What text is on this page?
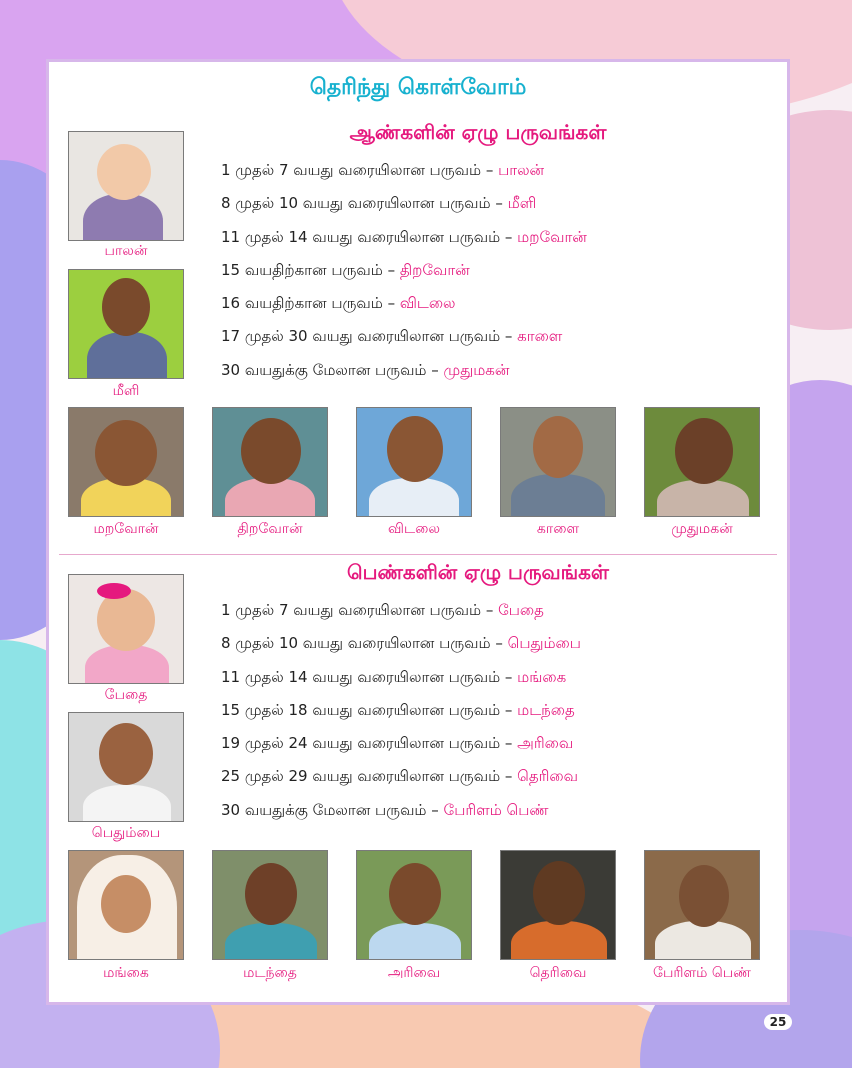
தெரிந்து கொள்வோம்
ஆண்களின் ஏழு பருவங்கள்
1 முதல் 7 வயது வரையிலான பருவம் – பாலன்
8 முதல் 10 வயது வரையிலான பருவம் – மீளி
11 முதல் 14 வயது வரையிலான பருவம் – மறவோன்
15 வயதிற்கான பருவம் – திறவோன்
16 வயதிற்கான பருவம் – விடலை
17 முதல் 30 வயது வரையிலான பருவம் – காளை
30 வயதுக்கு மேலான பருவம் – முதுமகன்
பாலன்
மீளி
மறவோன்	திறவோன்	விடலை	காளை	முதுமகன்
பெண்களின் ஏழு பருவங்கள்
1 முதல் 7 வயது வரையிலான பருவம் – பேதை
8 முதல் 10 வயது வரையிலான பருவம் – பெதும்பை
11 முதல் 14 வயது வரையிலான பருவம் – மங்கை
15 முதல் 18 வயது வரையிலான பருவம் – மடந்தை
19 முதல் 24 வயது வரையிலான பருவம் – அரிவை
25 முதல் 29 வயது வரையிலான பருவம் – தெரிவை
30 வயதுக்கு மேலான பருவம் – பேரிளம் பெண்
பேதை
பெதும்பை
மங்கை	மடந்தை	அரிவை	தெரிவை	பேரிளம் பெண்
25
